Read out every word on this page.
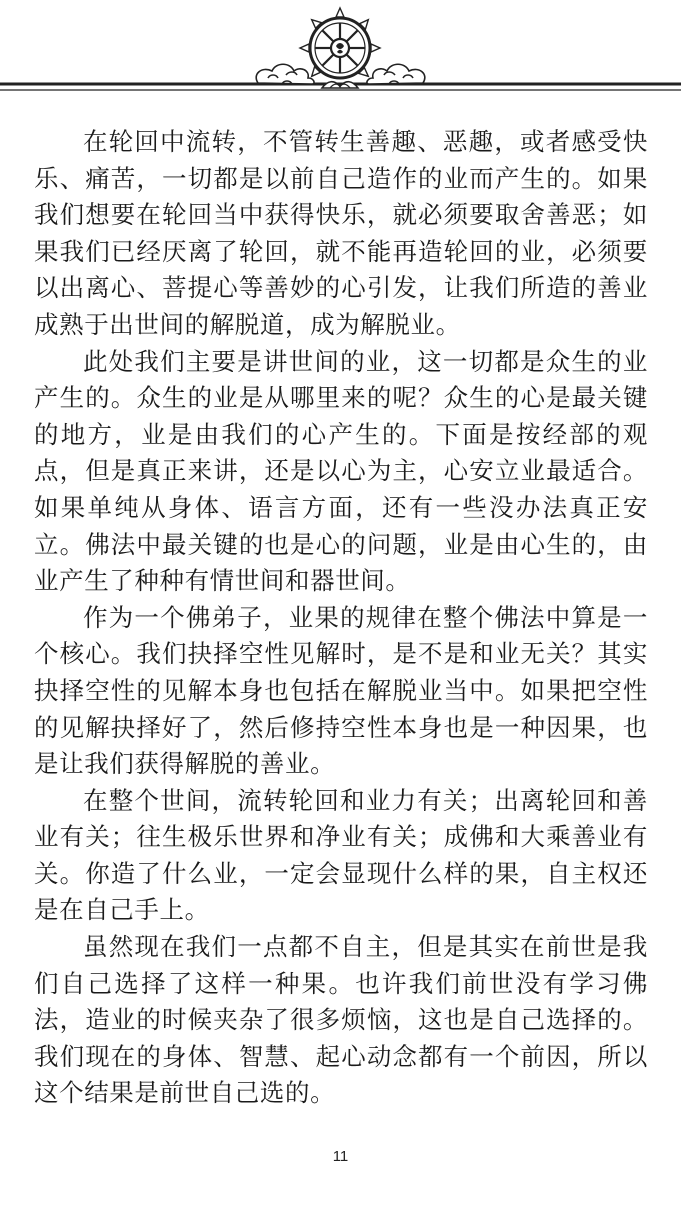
在轮回中流转，不管转生善趣、恶趣，或者感受快乐、痛苦，一切都是以前自己造作的业而产生的。如果我们想要在轮回当中获得快乐，就必须要取舍善恶；如果我们已经厌离了轮回，就不能再造轮回的业，必须要以出离心、菩提心等善妙的心引发，让我们所造的善业成熟于出世间的解脱道，成为解脱业。

此处我们主要是讲世间的业，这一切都是众生的业产生的。众生的业是从哪里来的呢？众生的心是最关键的地方，业是由我们的心产生的。下面是按经部的观点，但是真正来讲，还是以心为主，心安立业最适合。如果单纯从身体、语言方面，还有一些没办法真正安立。佛法中最关键的也是心的问题，业是由心生的，由业产生了种种有情世间和器世间。

作为一个佛弟子，业果的规律在整个佛法中算是一个核心。我们抉择空性见解时，是不是和业无关？其实抉择空性的见解本身也包括在解脱业当中。如果把空性的见解抉择好了，然后修持空性本身也是一种因果，也是让我们获得解脱的善业。

在整个世间，流转轮回和业力有关；出离轮回和善业有关；往生极乐世界和净业有关；成佛和大乘善业有关。你造了什么业，一定会显现什么样的果，自主权还是在自己手上。

虽然现在我们一点都不自主，但是其实在前世是我们自己选择了这样一种果。也许我们前世没有学习佛法，造业的时候夹杂了很多烦恼，这也是自己选择的。我们现在的身体、智慧、起心动念都有一个前因，所以这个结果是前世自己选的。

11
